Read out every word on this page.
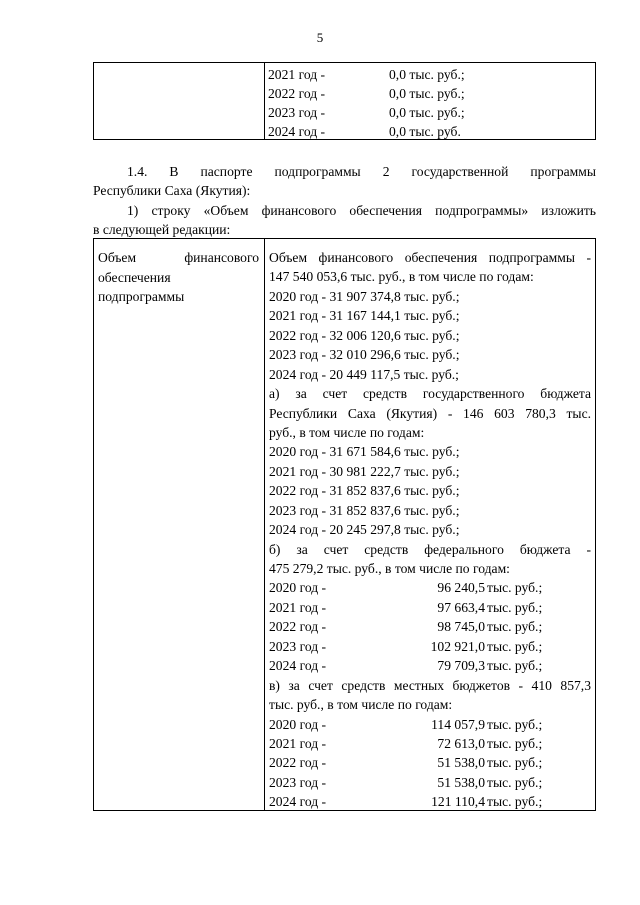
5
2021 год -	0,0 тыс. руб.;
2022 год -	0,0 тыс. руб.;
2023 год -	0,0 тыс. руб.;
2024 год -	0,0 тыс. руб.
1.4. В паспорте подпрограммы 2 государственной программы
Республики Саха (Якутия):
1) строку «Объем финансового обеспечения подпрограммы» изложить
в следующей редакции:
Объем финансового
обеспечения
подпрограммы
Объем финансового обеспечения подпрограммы -
147 540 053,6 тыс. руб., в том числе по годам:
2020 год - 31 907 374,8 тыс. руб.;
2021 год - 31 167 144,1 тыс. руб.;
2022 год - 32 006 120,6 тыс. руб.;
2023 год - 32 010 296,6 тыс. руб.;
2024 год - 20 449 117,5 тыс. руб.;
а) за счет средств государственного бюджета
Республики Саха (Якутия) - 146 603 780,3 тыс.
руб., в том числе по годам:
2020 год - 31 671 584,6 тыс. руб.;
2021 год - 30 981 222,7 тыс. руб.;
2022 год - 31 852 837,6 тыс. руб.;
2023 год - 31 852 837,6 тыс. руб.;
2024 год - 20 245 297,8 тыс. руб.;
б) за счет средств федерального бюджета -
475 279,2 тыс. руб., в том числе по годам:
2020 год -	96 240,5 тыс. руб.;
2021 год -	97 663,4 тыс. руб.;
2022 год -	98 745,0 тыс. руб.;
2023 год -	102 921,0 тыс. руб.;
2024 год -	79 709,3 тыс. руб.;
в) за счет средств местных бюджетов - 410 857,3
тыс. руб., в том числе по годам:
2020 год -	114 057,9 тыс. руб.;
2021 год -	72 613,0 тыс. руб.;
2022 год -	51 538,0 тыс. руб.;
2023 год -	51 538,0 тыс. руб.;
2024 год -	121 110,4 тыс. руб.;
